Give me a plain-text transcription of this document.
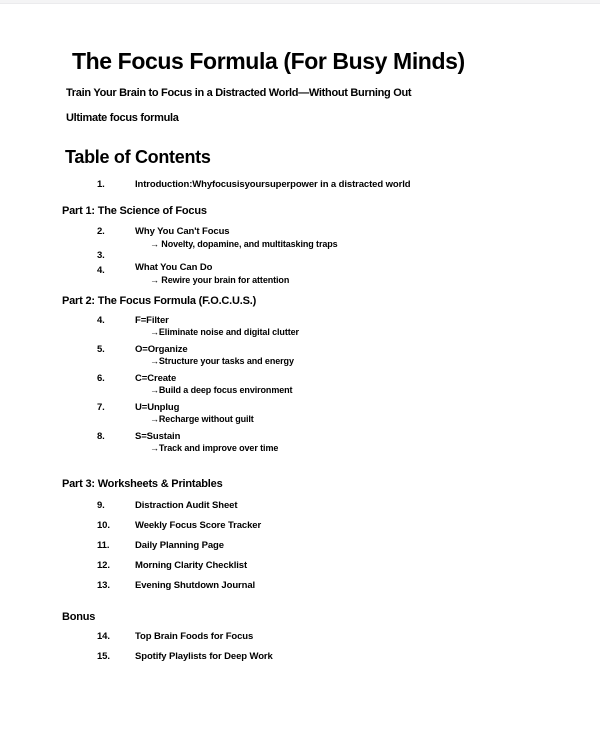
The Focus Formula (For Busy Minds)

Train Your Brain to Focus in a Distracted World—Without Burning Out

Ultimate focus formula

Table of Contents
1.	Introduction:Whyfocusisyoursuperpower in a distracted world
Part 1: The Science of Focus
2.	Why You Can't Focus
→ Novelty, dopamine, and multitasking traps
3.
4.	What You Can Do
→ Rewire your brain for attention
Part 2: The Focus Formula (F.O.C.U.S.)
4.	F=Filter
→Eliminate noise and digital clutter
5.	O=Organize
→Structure your tasks and energy
6.	C=Create
→Build a deep focus environment
7.	U=Unplug
→Recharge without guilt
8.	S=Sustain
→Track and improve over time
Part 3: Worksheets & Printables
9.	Distraction Audit Sheet
10.	Weekly Focus Score Tracker
11.	Daily Planning Page
12.	Morning Clarity Checklist
13.	Evening Shutdown Journal
Bonus
14.	Top Brain Foods for Focus
15.	Spotify Playlists for Deep Work
